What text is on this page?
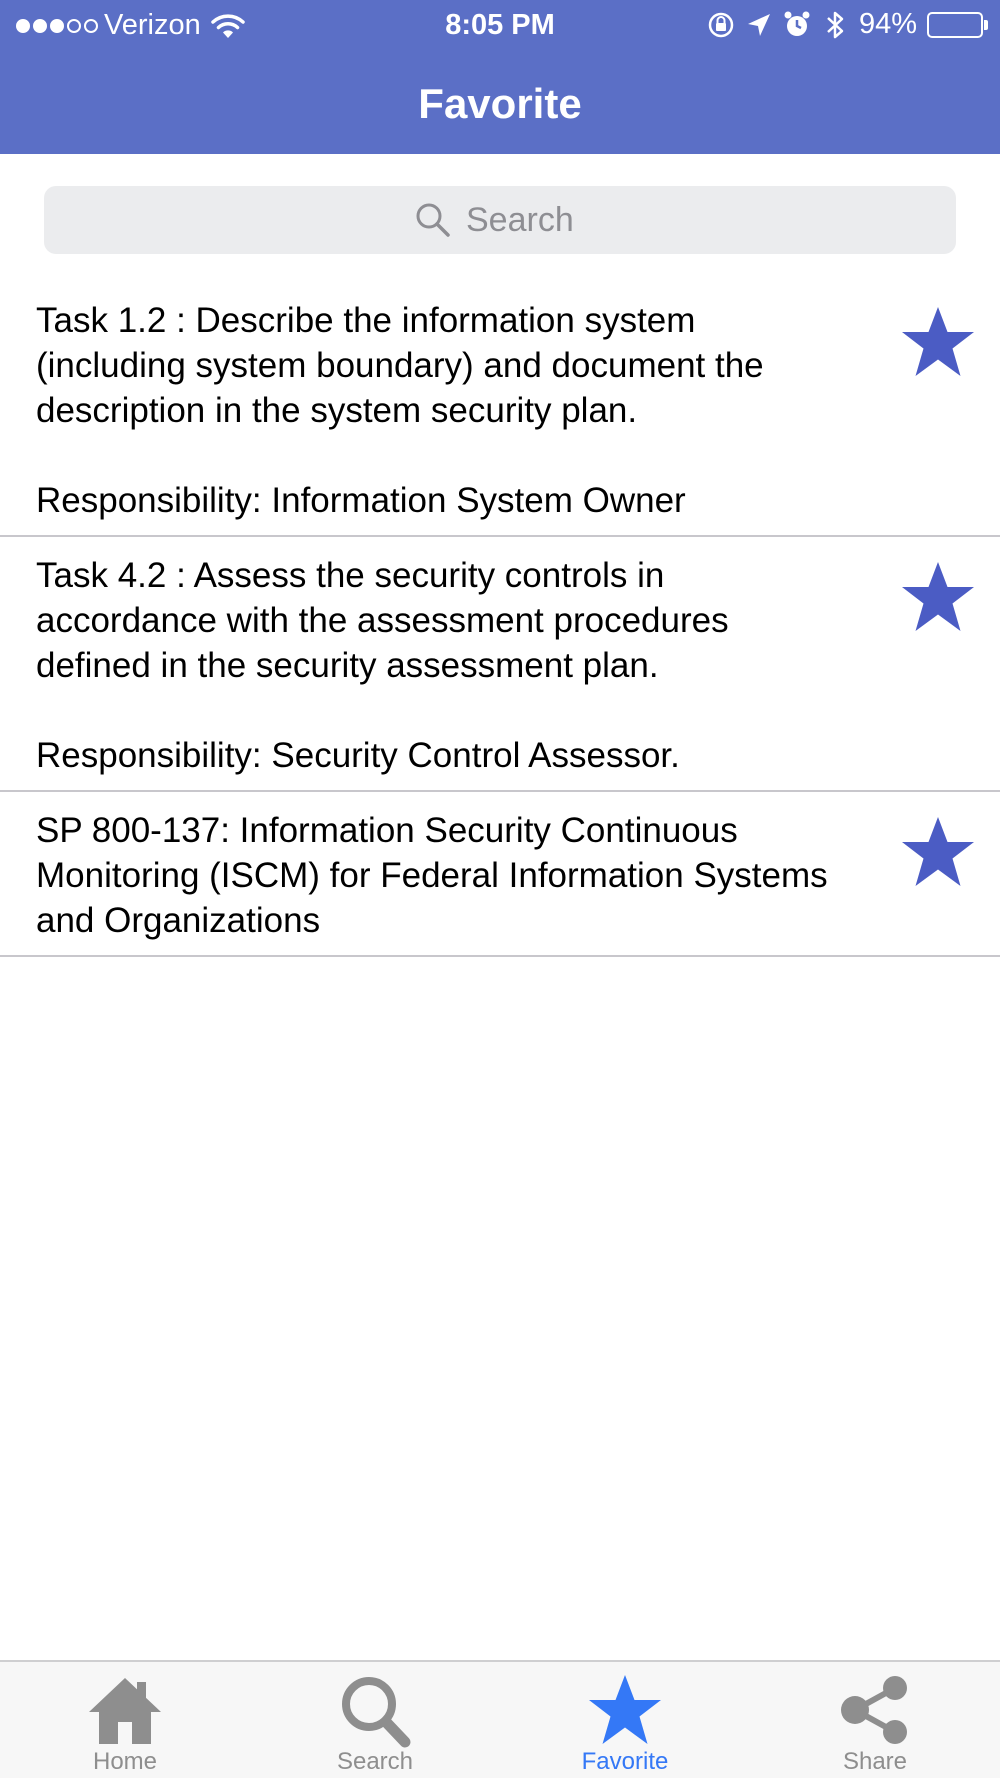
Verizon	8:05 PM	94%
Favorite
Search
Task 1.2 : Describe the information system (including system boundary) and document the description in the system security plan.

Responsibility: Information System Owner
Task 4.2 : Assess the security controls in accordance with the assessment procedures defined in the security assessment plan.

Responsibility: Security Control Assessor.
SP 800-137: Information Security Continuous Monitoring (ISCM) for Federal Information Systems and Organizations
Home	Search	Favorite	Share
